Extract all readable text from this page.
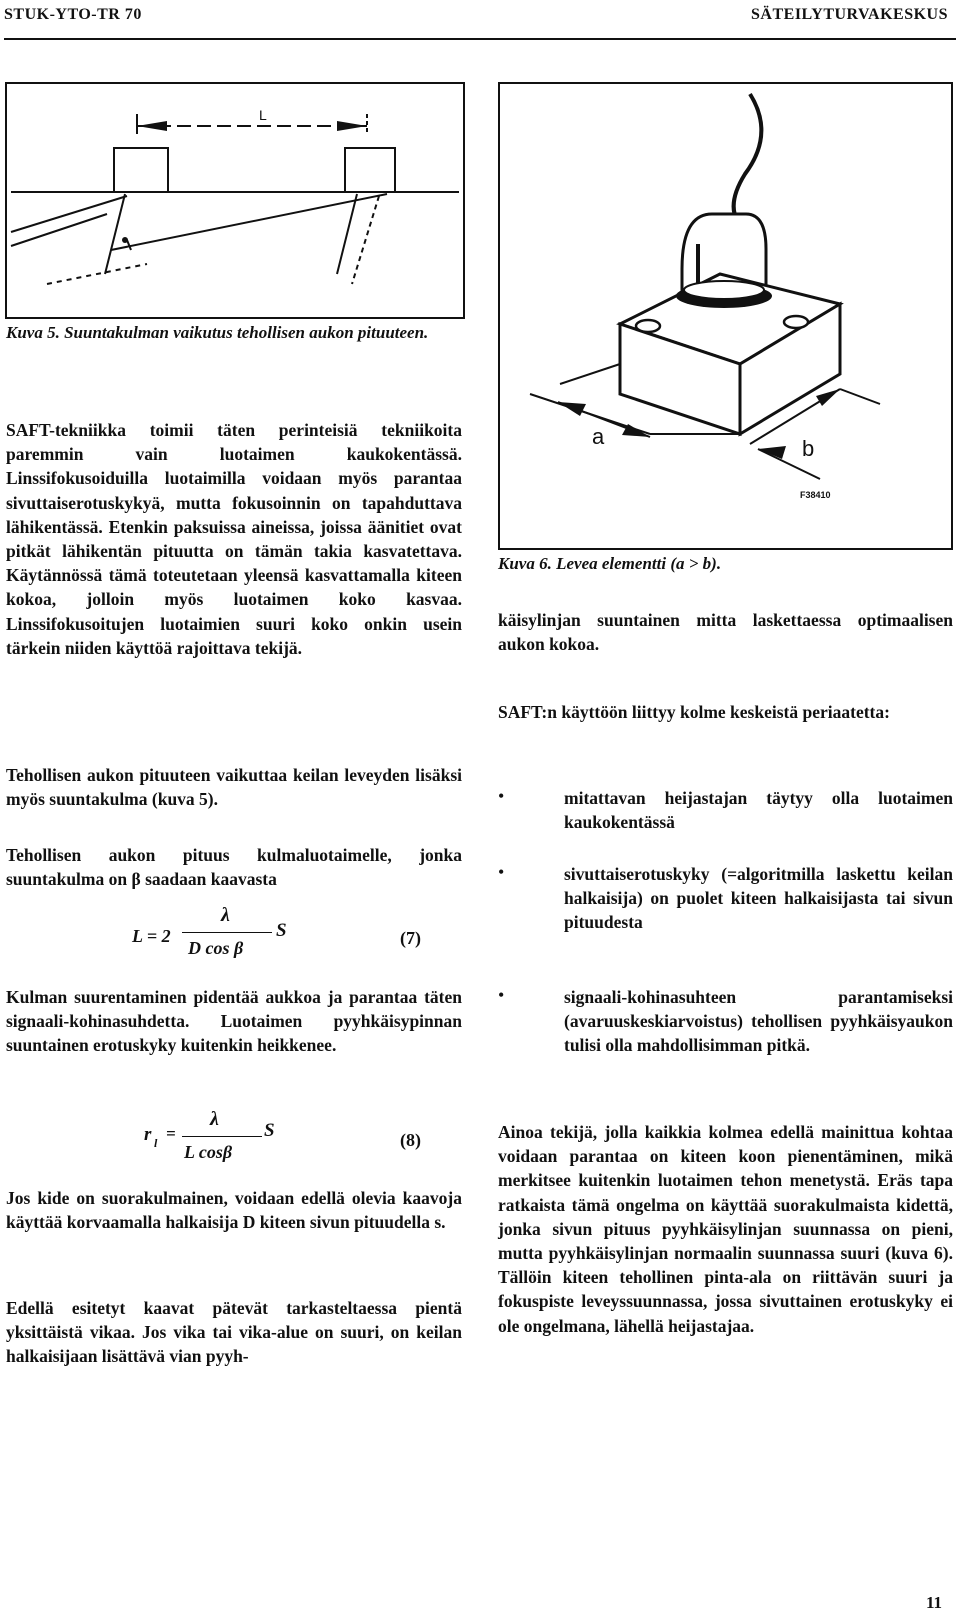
STUK-YTO-TR 70	SÄTEILYTURVAKESKUS
L
Kuva 5. Suuntakulman vaikutus tehollisen aukon pituuteen.
a	b
F38410
Kuva 6. Levea elementti (a > b).

SAFT-tekniikka toimii täten perinteisiä tekniikoita paremmin vain luotaimen kaukokentässä. Linssifokusoiduilla luotaimilla voidaan myös parantaa sivuttaiserotuskykyä, mutta fokusoinnin on tapahduttava lähikentässä. Etenkin paksuissa aineissa, joissa äänitiet ovat pitkät lähikentän pituutta on tämän takia kasvatettava. Käytännössä tämä toteutetaan yleensä kasvattamalla kiteen kokoa, jolloin myös luotaimen koko kasvaa. Linssifokusoitujen luotaimien suuri koko onkin usein tärkein niiden käyttöä rajoittava tekijä.

Tehollisen aukon pituuteen vaikuttaa keilan leveyden lisäksi myös suuntakulma (kuva 5).

Tehollisen aukon pituus kulmaluotaimelle, jonka suuntakulma on β saadaan kaavasta

L = 2
λ
D cos β
S	(7)

Kulman suurentaminen pidentää aukkoa ja parantaa täten signaali-kohinasuhdetta. Luotaimen pyyhkäisypinnan suuntainen erotuskyky kuitenkin heikkenee.

r l =
λ
L cosβ
S	(8)

Jos kide on suorakulmainen, voidaan edellä olevia kaavoja käyttää korvaamalla halkaisija D kiteen sivun pituudella s.

Edellä esitetyt kaavat pätevät tarkasteltaessa pientä yksittäistä vikaa. Jos vika tai vika-alue on suuri, on keilan halkaisijaan lisättävä vian pyyh-

käisylinjan suuntainen mitta laskettaessa optimaalisen aukon kokoa.

SAFT:n käyttöön liittyy kolme keskeistä periaatetta:

•	mitattavan heijastajan täytyy olla luotaimen kaukokentässä
•	sivuttaiserotuskyky (=algoritmilla laskettu keilan halkaisija) on puolet kiteen halkaisijasta tai sivun pituudesta
•	signaali-kohinasuhteen parantamiseksi (avaruuskeskiarvoistus) tehollisen pyyhkäisyaukon tulisi olla mahdollisimman pitkä.

Ainoa tekijä, jolla kaikkia kolmea edellä mainittua kohtaa voidaan parantaa on kiteen koon pienentäminen, mikä merkitsee kuitenkin luotaimen tehon menetystä. Eräs tapa ratkaista tämä ongelma on käyttää suorakulmaista kidettä, jonka sivun pituus pyyhkäisylinjan suunnassa on pieni, mutta pyyhkäisylinjan normaalin suunnassa suuri (kuva 6). Tällöin kiteen tehollinen pinta-ala on riittävän suuri ja fokuspiste leveyssuunnassa, jossa sivuttainen erotuskyky ei ole ongelmana, lähellä heijastajaa.

11
